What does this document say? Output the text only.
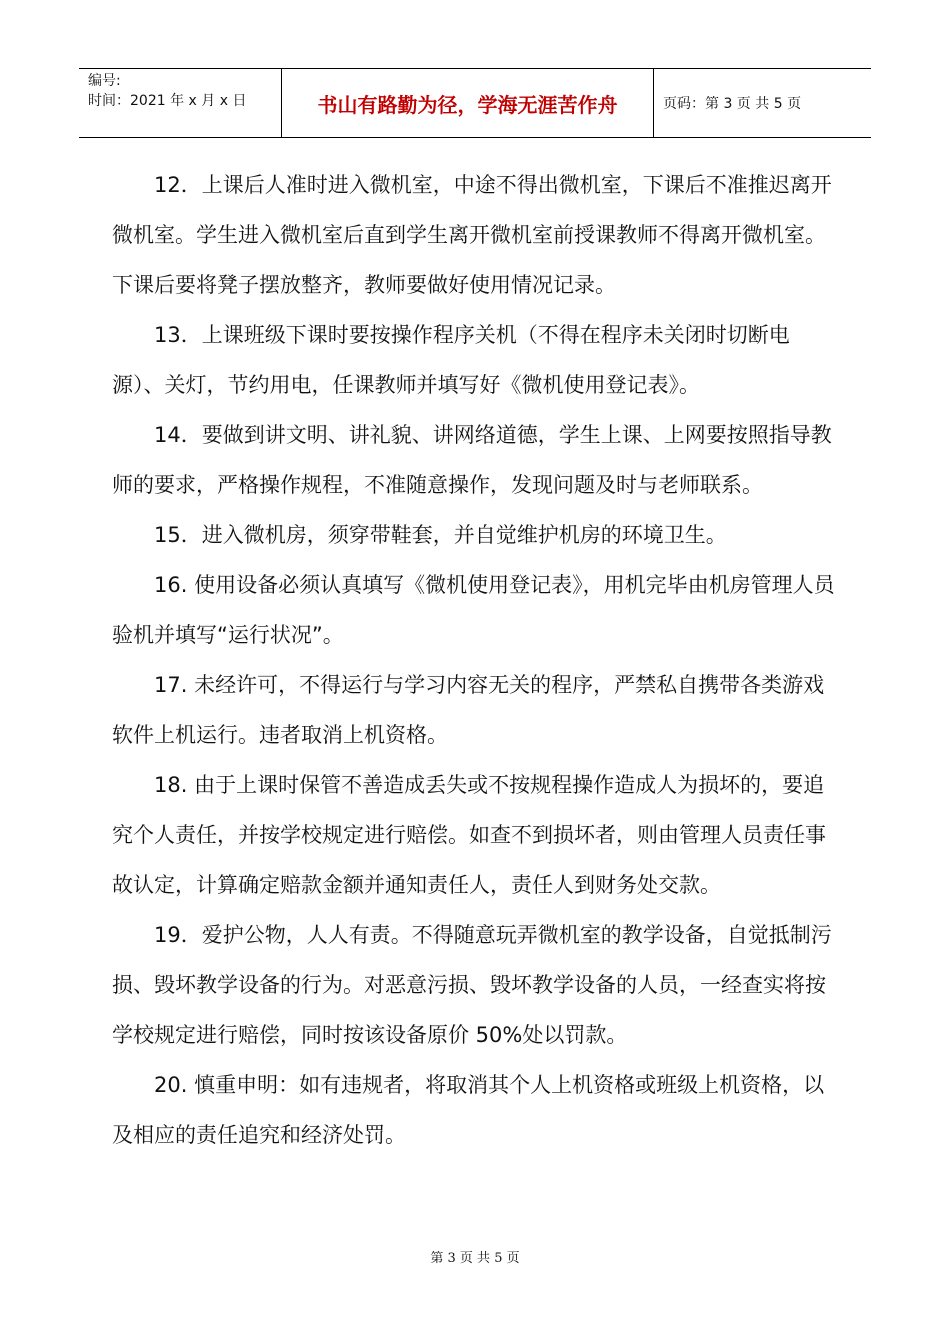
编号:
时间：2021 年 x 月 x 日	书山有路勤为径，学海无涯苦作舟	页码：第 3 页 共 5 页

12．上课后人准时进入微机室，中途不得出微机室，下课后不准推迟离开微机室。学生进入微机室后直到学生离开微机室前授课教师不得离开微机室。下课后要将凳子摆放整齐，教师要做好使用情况记录。

13．上课班级下课时要按操作程序关机（不得在程序未关闭时切断电源）、关灯，节约用电，任课教师并填写好《微机使用登记表》。

14．要做到讲文明、讲礼貌、讲网络道德，学生上课、上网要按照指导教师的要求，严格操作规程，不准随意操作，发现问题及时与老师联系。

15．进入微机房，须穿带鞋套，并自觉维护机房的环境卫生。

16. 使用设备必须认真填写《微机使用登记表》，用机完毕由机房管理人员验机并填写“运行状况”。

17. 未经许可，不得运行与学习内容无关的程序，严禁私自携带各类游戏软件上机运行。违者取消上机资格。

18. 由于上课时保管不善造成丢失或不按规程操作造成人为损坏的，要追究个人责任，并按学校规定进行赔偿。如查不到损坏者，则由管理人员责任事故认定，计算确定赔款金额并通知责任人，责任人到财务处交款。

19．爱护公物，人人有责。不得随意玩弄微机室的教学设备，自觉抵制污损、毁坏教学设备的行为。对恶意污损、毁坏教学设备的人员，一经查实将按学校规定进行赔偿，同时按该设备原价 50%处以罚款。

20. 慎重申明：如有违规者，将取消其个人上机资格或班级上机资格，以及相应的责任追究和经济处罚。

第 3 页 共 5 页
